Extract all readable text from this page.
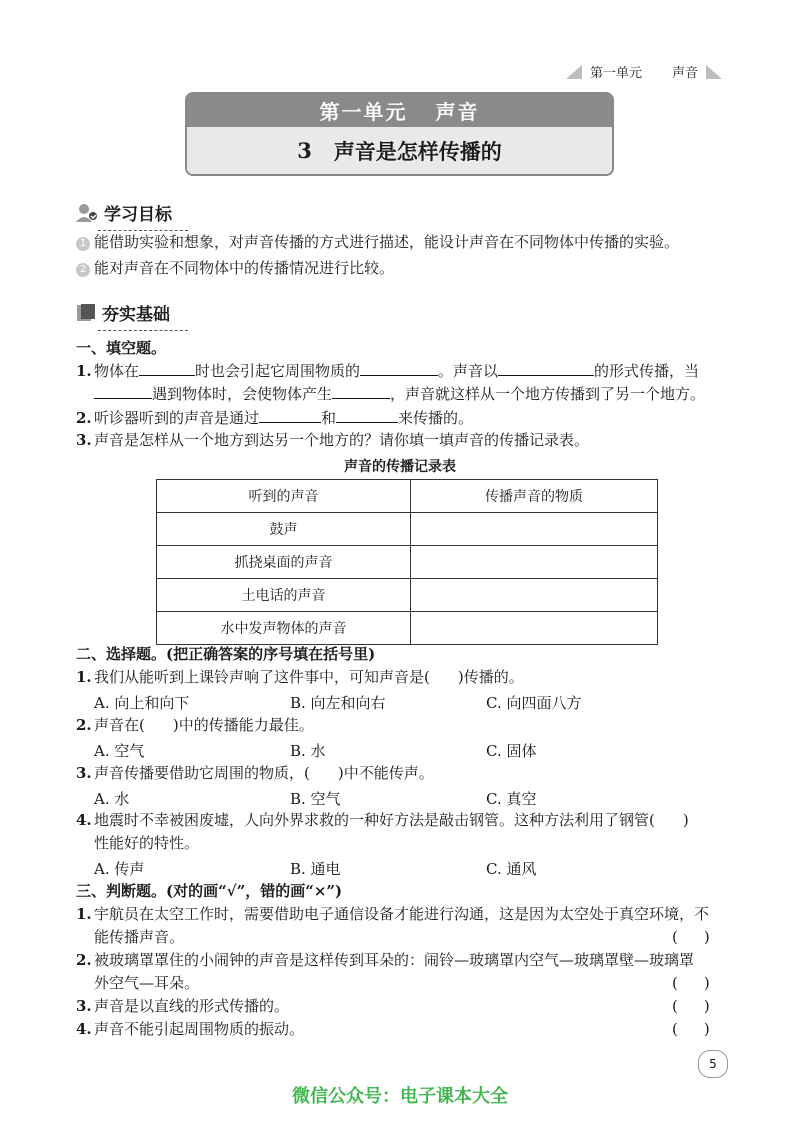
第一单元 声音
第一单元 声音
3 声音是怎样传播的
学习目标
1 能借助实验和想象，对声音传播的方式进行描述，能设计声音在不同物体中传播的实验。
2 能对声音在不同物体中的传播情况进行比较。
夯实基础
一、填空题。
1. 物体在	时也会引起它周围物质的	。声音以	的形式传播，当
遇到物体时，会使物体产生	，声音就这样从一个地方传播到了另一个地方。
2. 听诊器听到的声音是通过	和	来传播的。
3. 声音是怎样从一个地方到达另一个地方的？请你填一填声音的传播记录表。
声音的传播记录表
听到的声音	传播声音的物质
鼓声	
抓挠桌面的声音	
土电话的声音	
水中发声物体的声音	
二、选择题。(把正确答案的序号填在括号里)
1. 我们从能听到上课铃声响了这件事中，可知声音是( )传播的。
A. 向上和向下	B. 向左和向右	C. 向四面八方
2. 声音在( )中的传播能力最佳。
A. 空气	B. 水	C. 固体
3. 声音传播要借助它周围的物质，( )中不能传声。
A. 水	B. 空气	C. 真空
4. 地震时不幸被困废墟，人向外界求救的一种好方法是敲击钢管。这种方法利用了钢管( )
性能好的特性。
A. 传声	B. 通电	C. 通风
三、判断题。(对的画“√”，错的画“×”)
1. 宇航员在太空工作时，需要借助电子通信设备才能进行沟通，这是因为太空处于真空环境，不
能传播声音。	( )
2. 被玻璃罩罩住的小闹钟的声音是这样传到耳朵的：闹铃—玻璃罩内空气—玻璃罩壁—玻璃罩
外空气—耳朵。	( )
3. 声音是以直线的形式传播的。	( )
4. 声音不能引起周围物质的振动。	( )
5
微信公众号：电子课本大全
